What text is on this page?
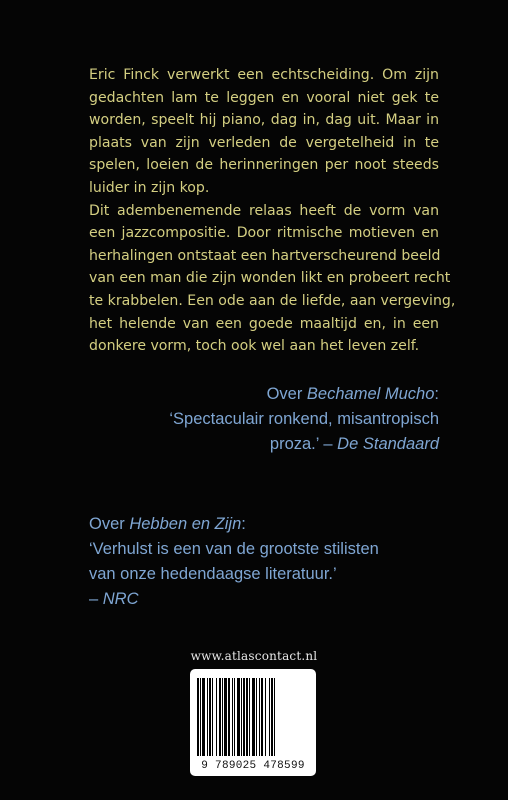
Eric Finck verwerkt een echtscheiding. Om zijn
gedachten lam te leggen en vooral niet gek te
worden, speelt hij piano, dag in, dag uit. Maar in
plaats van zijn verleden de vergetelheid in te
spelen, loeien de herinneringen per noot steeds
luider in zijn kop.
Dit adembenemende relaas heeft de vorm van
een jazzcompositie. Door ritmische motieven en
herhalingen ontstaat een hartverscheurend beeld
van een man die zijn wonden likt en probeert recht
te krabbelen. Een ode aan de liefde, aan vergeving,
het helende van een goede maaltijd en, in een
donkere vorm, toch ook wel aan het leven zelf.

Over Bechamel Mucho:
‘Spectaculair ronkend, misantropisch
proza.’ – De Standaard
Over Hebben en Zijn:
‘Verhulst is een van de grootste stilisten
van onze hedendaagse literatuur.’
– NRC
www.atlascontact.nl
9 789025 478599
